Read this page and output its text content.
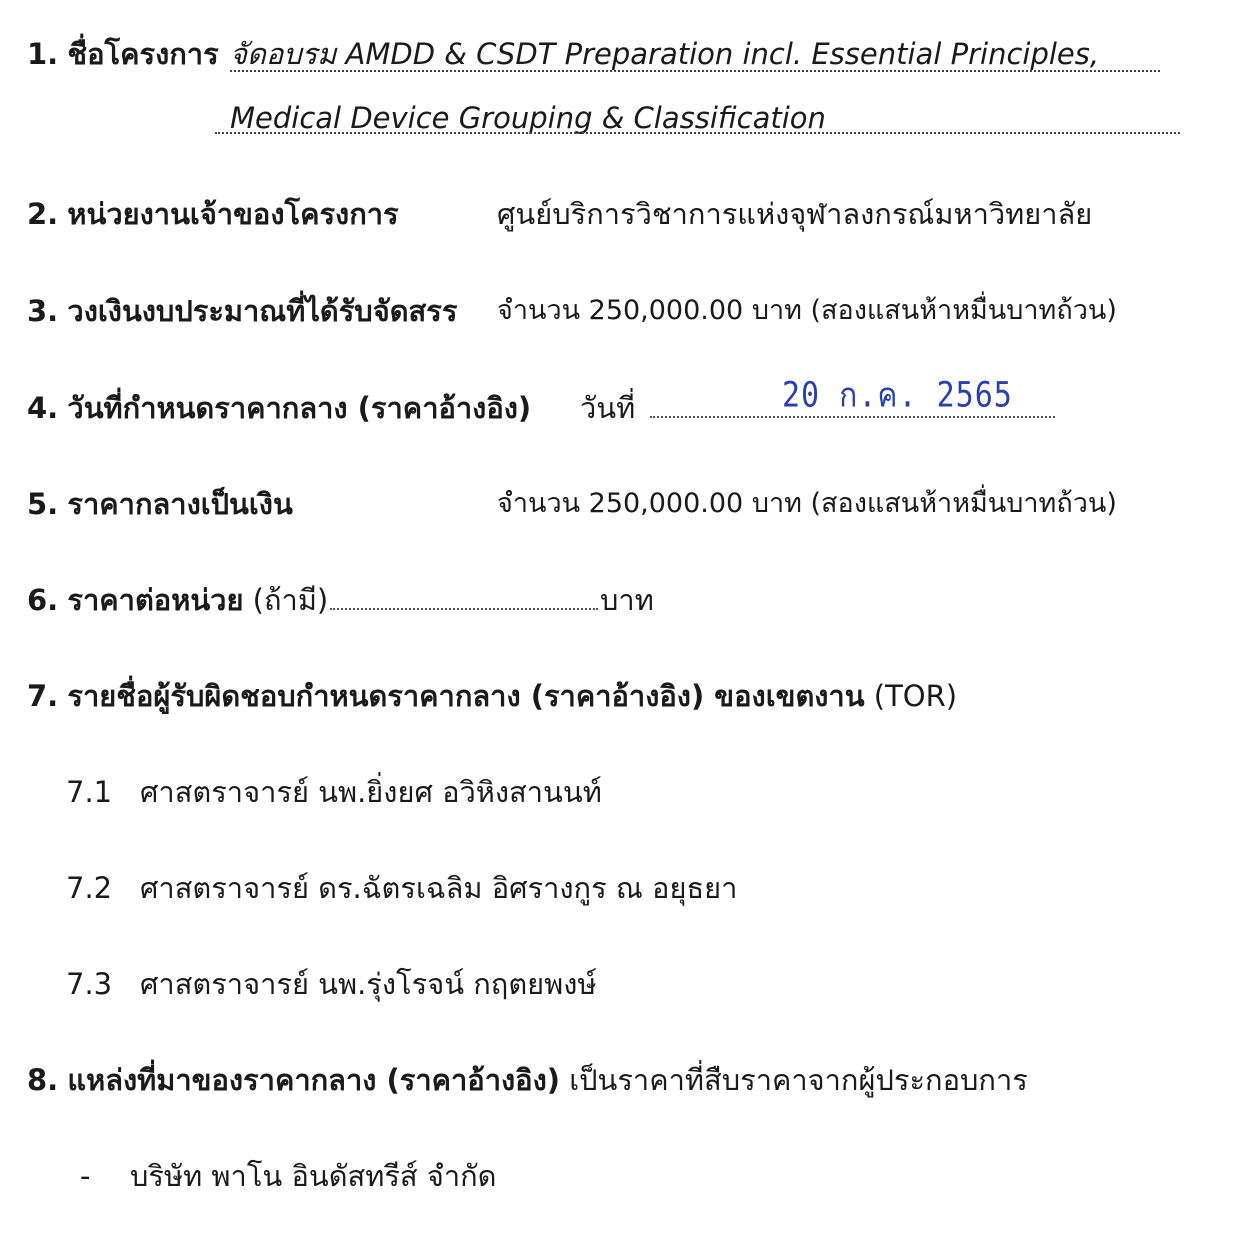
1. ชื่อโครงการ จัดอบรม AMDD & CSDT Preparation incl. Essential Principles,
Medical Device Grouping & Classification
2. หน่วยงานเจ้าของโครงการ	ศูนย์บริการวิชาการแห่งจุฬาลงกรณ์มหาวิทยาลัย
3. วงเงินงบประมาณที่ได้รับจัดสรร จำนวน 250,000.00 บาท (สองแสนห้าหมื่นบาทถ้วน)
4. วันที่กำหนดราคากลาง (ราคาอ้างอิง) วันที่	20 ก.ค. 2565
5. ราคากลางเป็นเงิน	จำนวน 250,000.00 บาท (สองแสนห้าหมื่นบาทถ้วน)
6. ราคาต่อหน่วย (ถ้ามี)	บาท
7. รายชื่อผู้รับผิดชอบกำหนดราคากลาง (ราคาอ้างอิง) ของเขตงาน (TOR)
7.1 ศาสตราจารย์ นพ.ยิ่งยศ อวิหิงสานนท์
7.2 ศาสตราจารย์ ดร.ฉัตรเฉลิม อิศรางกูร ณ อยุธยา
7.3 ศาสตราจารย์ นพ.รุ่งโรจน์ กฤตยพงษ์
8. แหล่งที่มาของราคากลาง (ราคาอ้างอิง) เป็นราคาที่สืบราคาจากผู้ประกอบการ
- บริษัท พาโน อินดัสทรีส์ จำกัด
